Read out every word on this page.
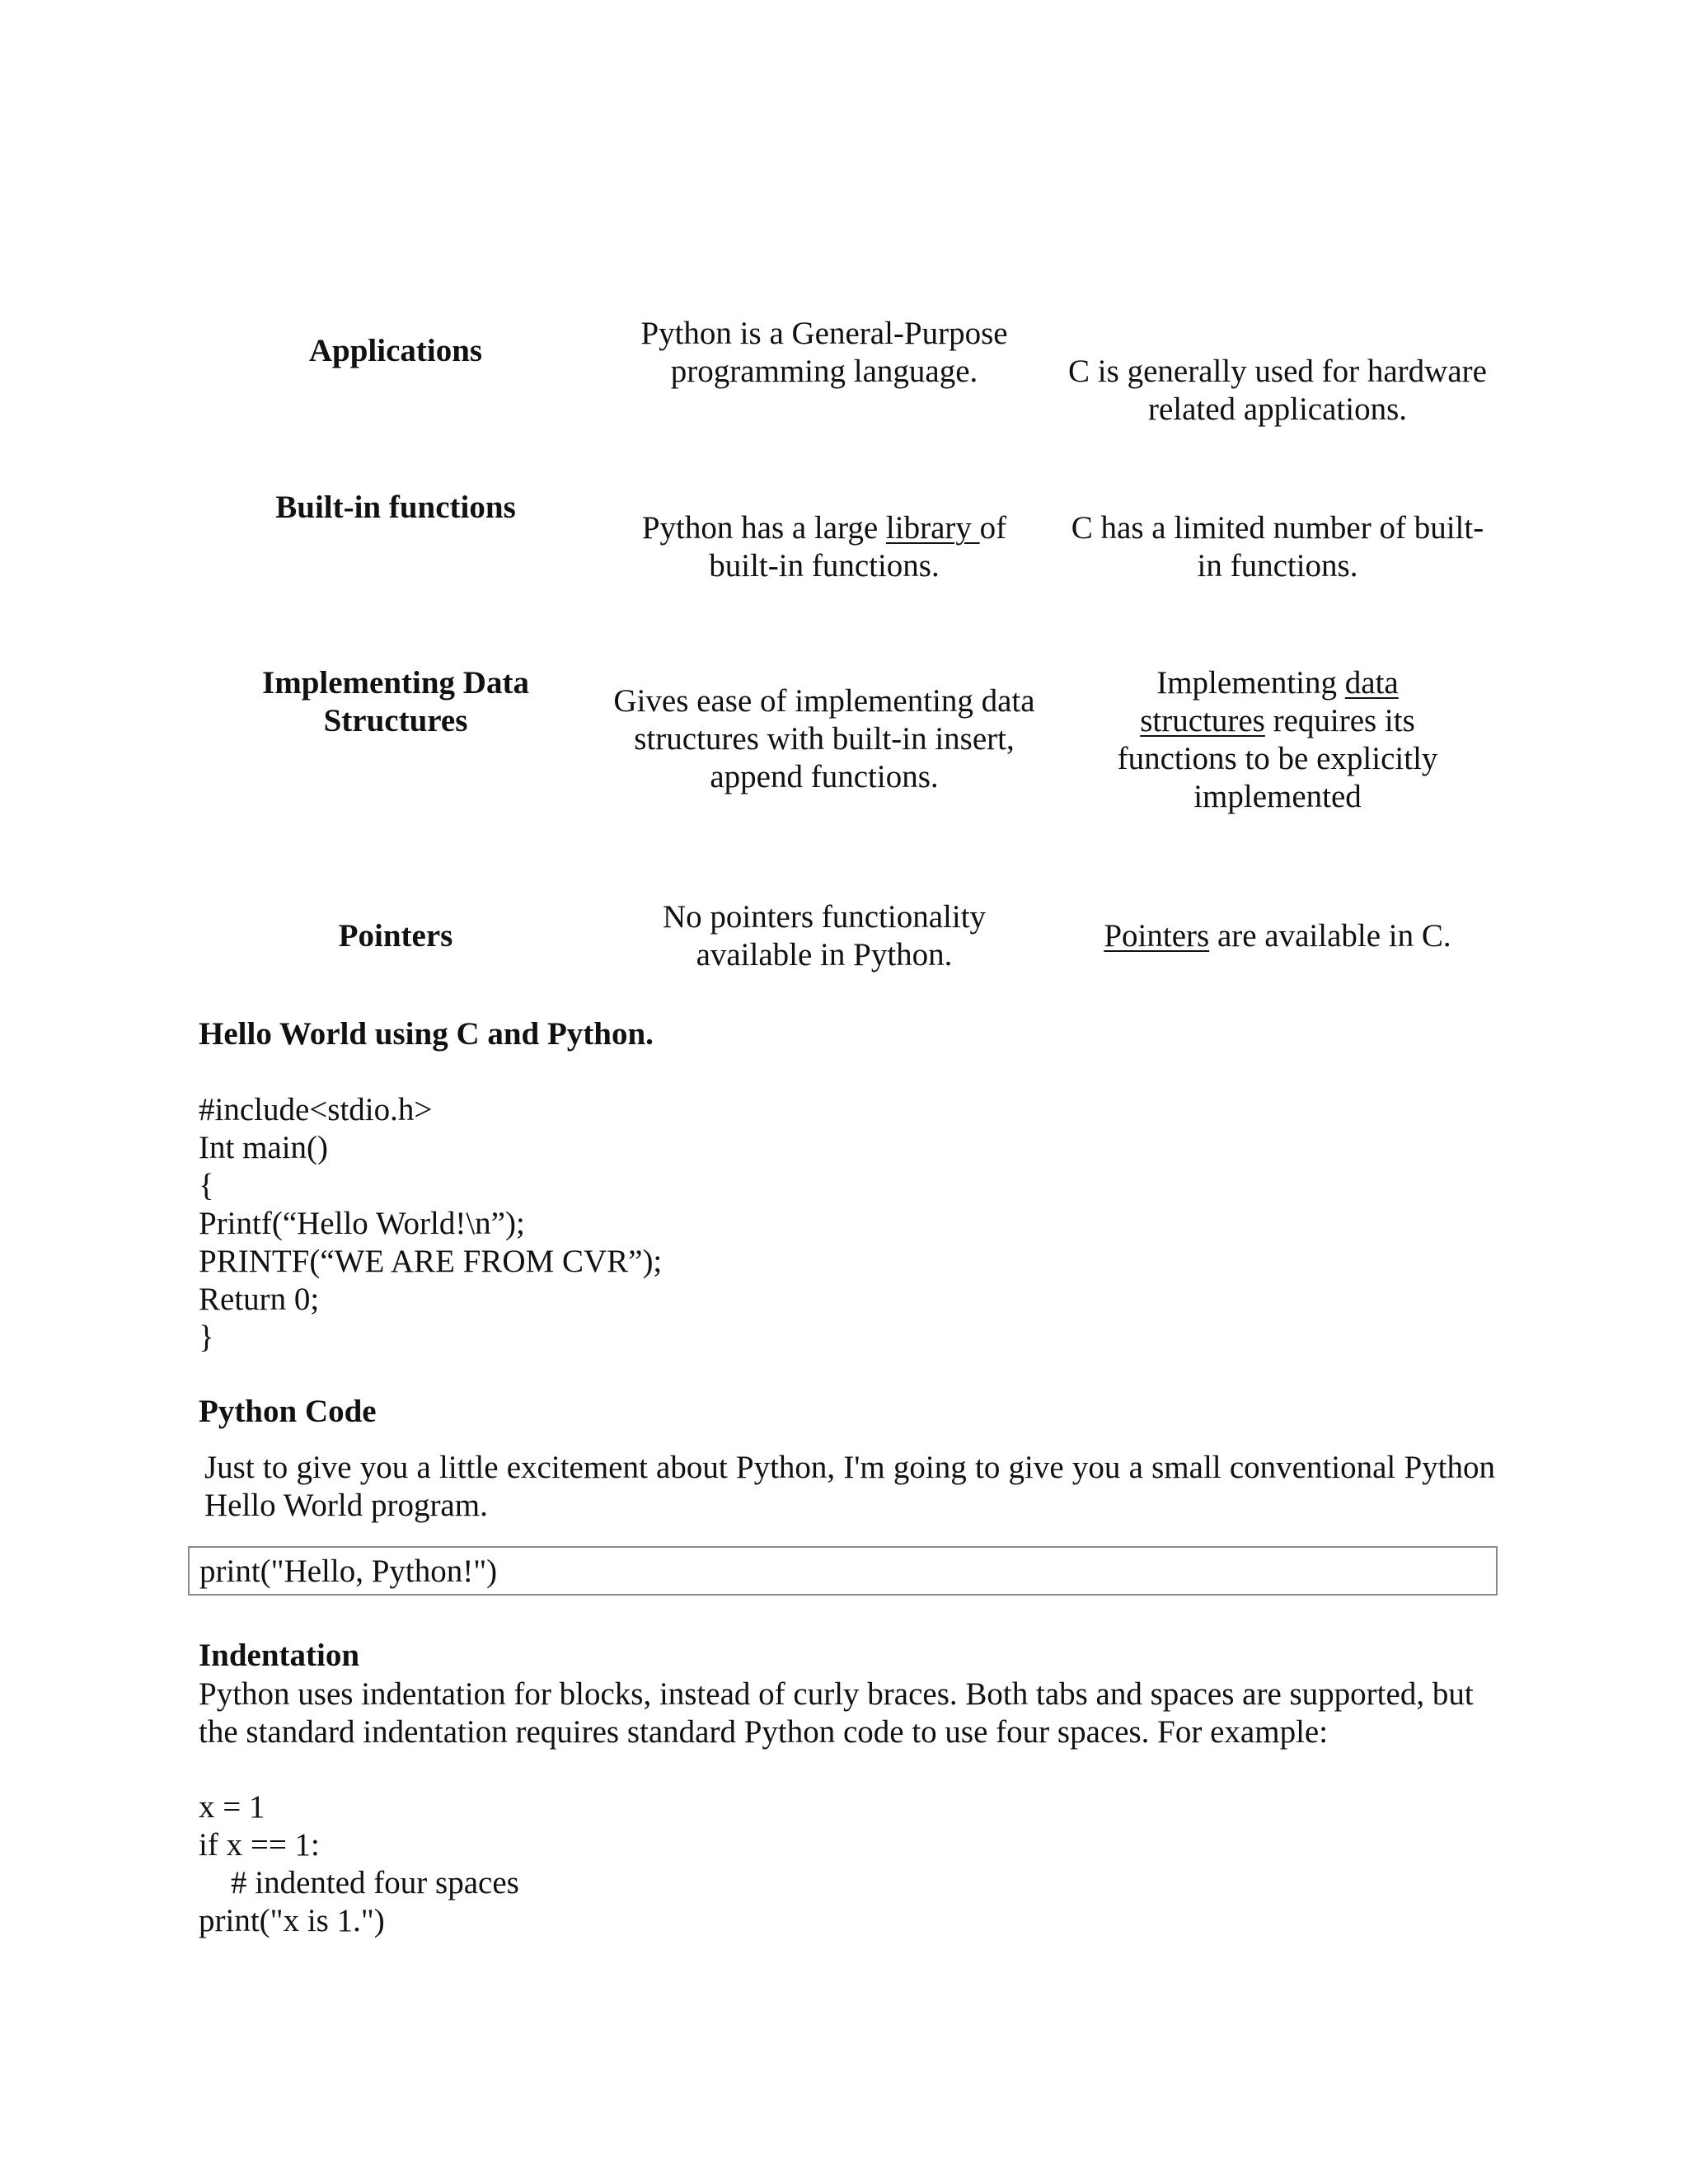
Applications	Python is a General-Purpose programming language.	C is generally used for hardware related applications.
Built-in functions
Python has a large library of built-in functions.
C has a limited number of built-in functions.
Implementing Data
Structures
Gives ease of implementing data structures with built-in insert, append functions.
Implementing data structures requires its functions to be explicitly implemented
Pointers
No pointers functionality available in Python.
Pointers are available in C.
Hello World using C and Python.
#include<stdio.h>
Int main()
{
Printf(“Hello World!\n”);
PRINTF(“WE ARE FROM CVR”);
Return 0;
}
Python Code
Just to give you a little excitement about Python, I'm going to give you a small conventional Python Hello World program.
print("Hello, Python!")
Indentation
Python uses indentation for blocks, instead of curly braces. Both tabs and spaces are supported, but the standard indentation requires standard Python code to use four spaces. For example:
x = 1
if x == 1:
# indented four spaces
print("x is 1.")
